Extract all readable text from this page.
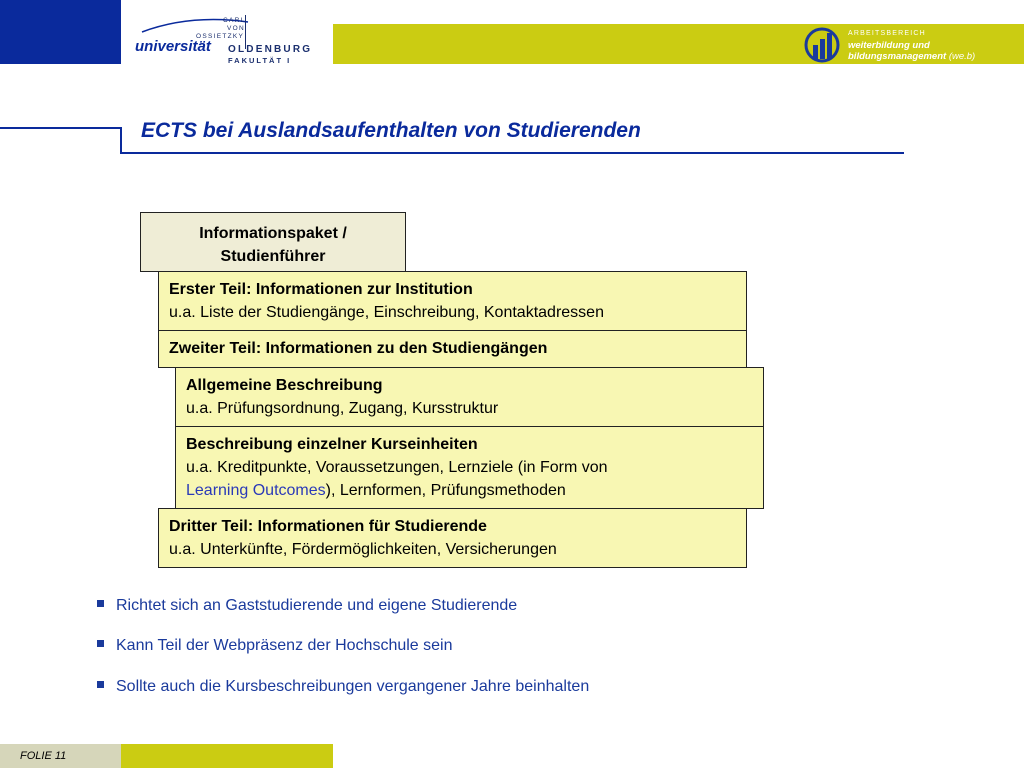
CARL
VON
OSSIETZKY
universität OLDENBURG
FAKULTÄT I
ARBEITSBEREICH
weiterbildung und
bildungsmanagement (we.b)
ECTS bei Auslandsaufenthalten von Studierenden
Informationspaket /
Studienführer
Erster Teil: Informationen zur Institution
u.a. Liste der Studiengänge, Einschreibung, Kontaktadressen
Zweiter Teil: Informationen zu den Studiengängen
Allgemeine Beschreibung
u.a. Prüfungsordnung, Zugang, Kursstruktur
Beschreibung einzelner Kurseinheiten
u.a. Kreditpunkte, Voraussetzungen, Lernziele (in Form von
Learning Outcomes), Lernformen, Prüfungsmethoden
Dritter Teil: Informationen für Studierende
u.a. Unterkünfte, Fördermöglichkeiten, Versicherungen
Richtet sich an Gaststudierende und eigene Studierende
Kann Teil der Webpräsenz der Hochschule sein
Sollte auch die Kursbeschreibungen vergangener Jahre beinhalten
FOLIE 11
